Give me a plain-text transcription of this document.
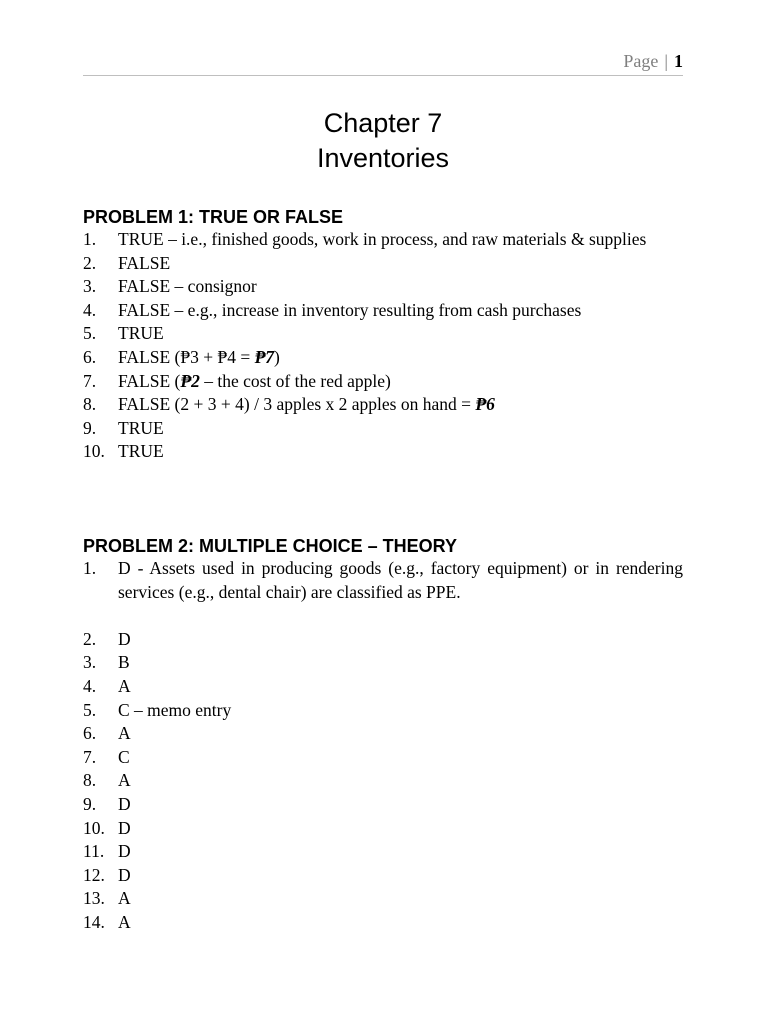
Page | 1
Chapter 7
Inventories
PROBLEM 1: TRUE OR FALSE
1. TRUE – i.e., finished goods, work in process, and raw materials & supplies
2. FALSE
3. FALSE – consignor
4. FALSE – e.g., increase in inventory resulting from cash purchases
5. TRUE
6. FALSE (₱3 + ₱4 = ₱7)
7. FALSE (₱2 – the cost of the red apple)
8. FALSE (2 + 3 + 4) / 3 apples x 2 apples on hand = ₱6
9. TRUE
10. TRUE
PROBLEM 2: MULTIPLE CHOICE – THEORY
1. D - Assets used in producing goods (e.g., factory equipment) or in rendering services (e.g., dental chair) are classified as PPE.
2. D
3. B
4. A
5. C – memo entry
6. A
7. C
8. A
9. D
10. D
11. D
12. D
13. A
14. A
